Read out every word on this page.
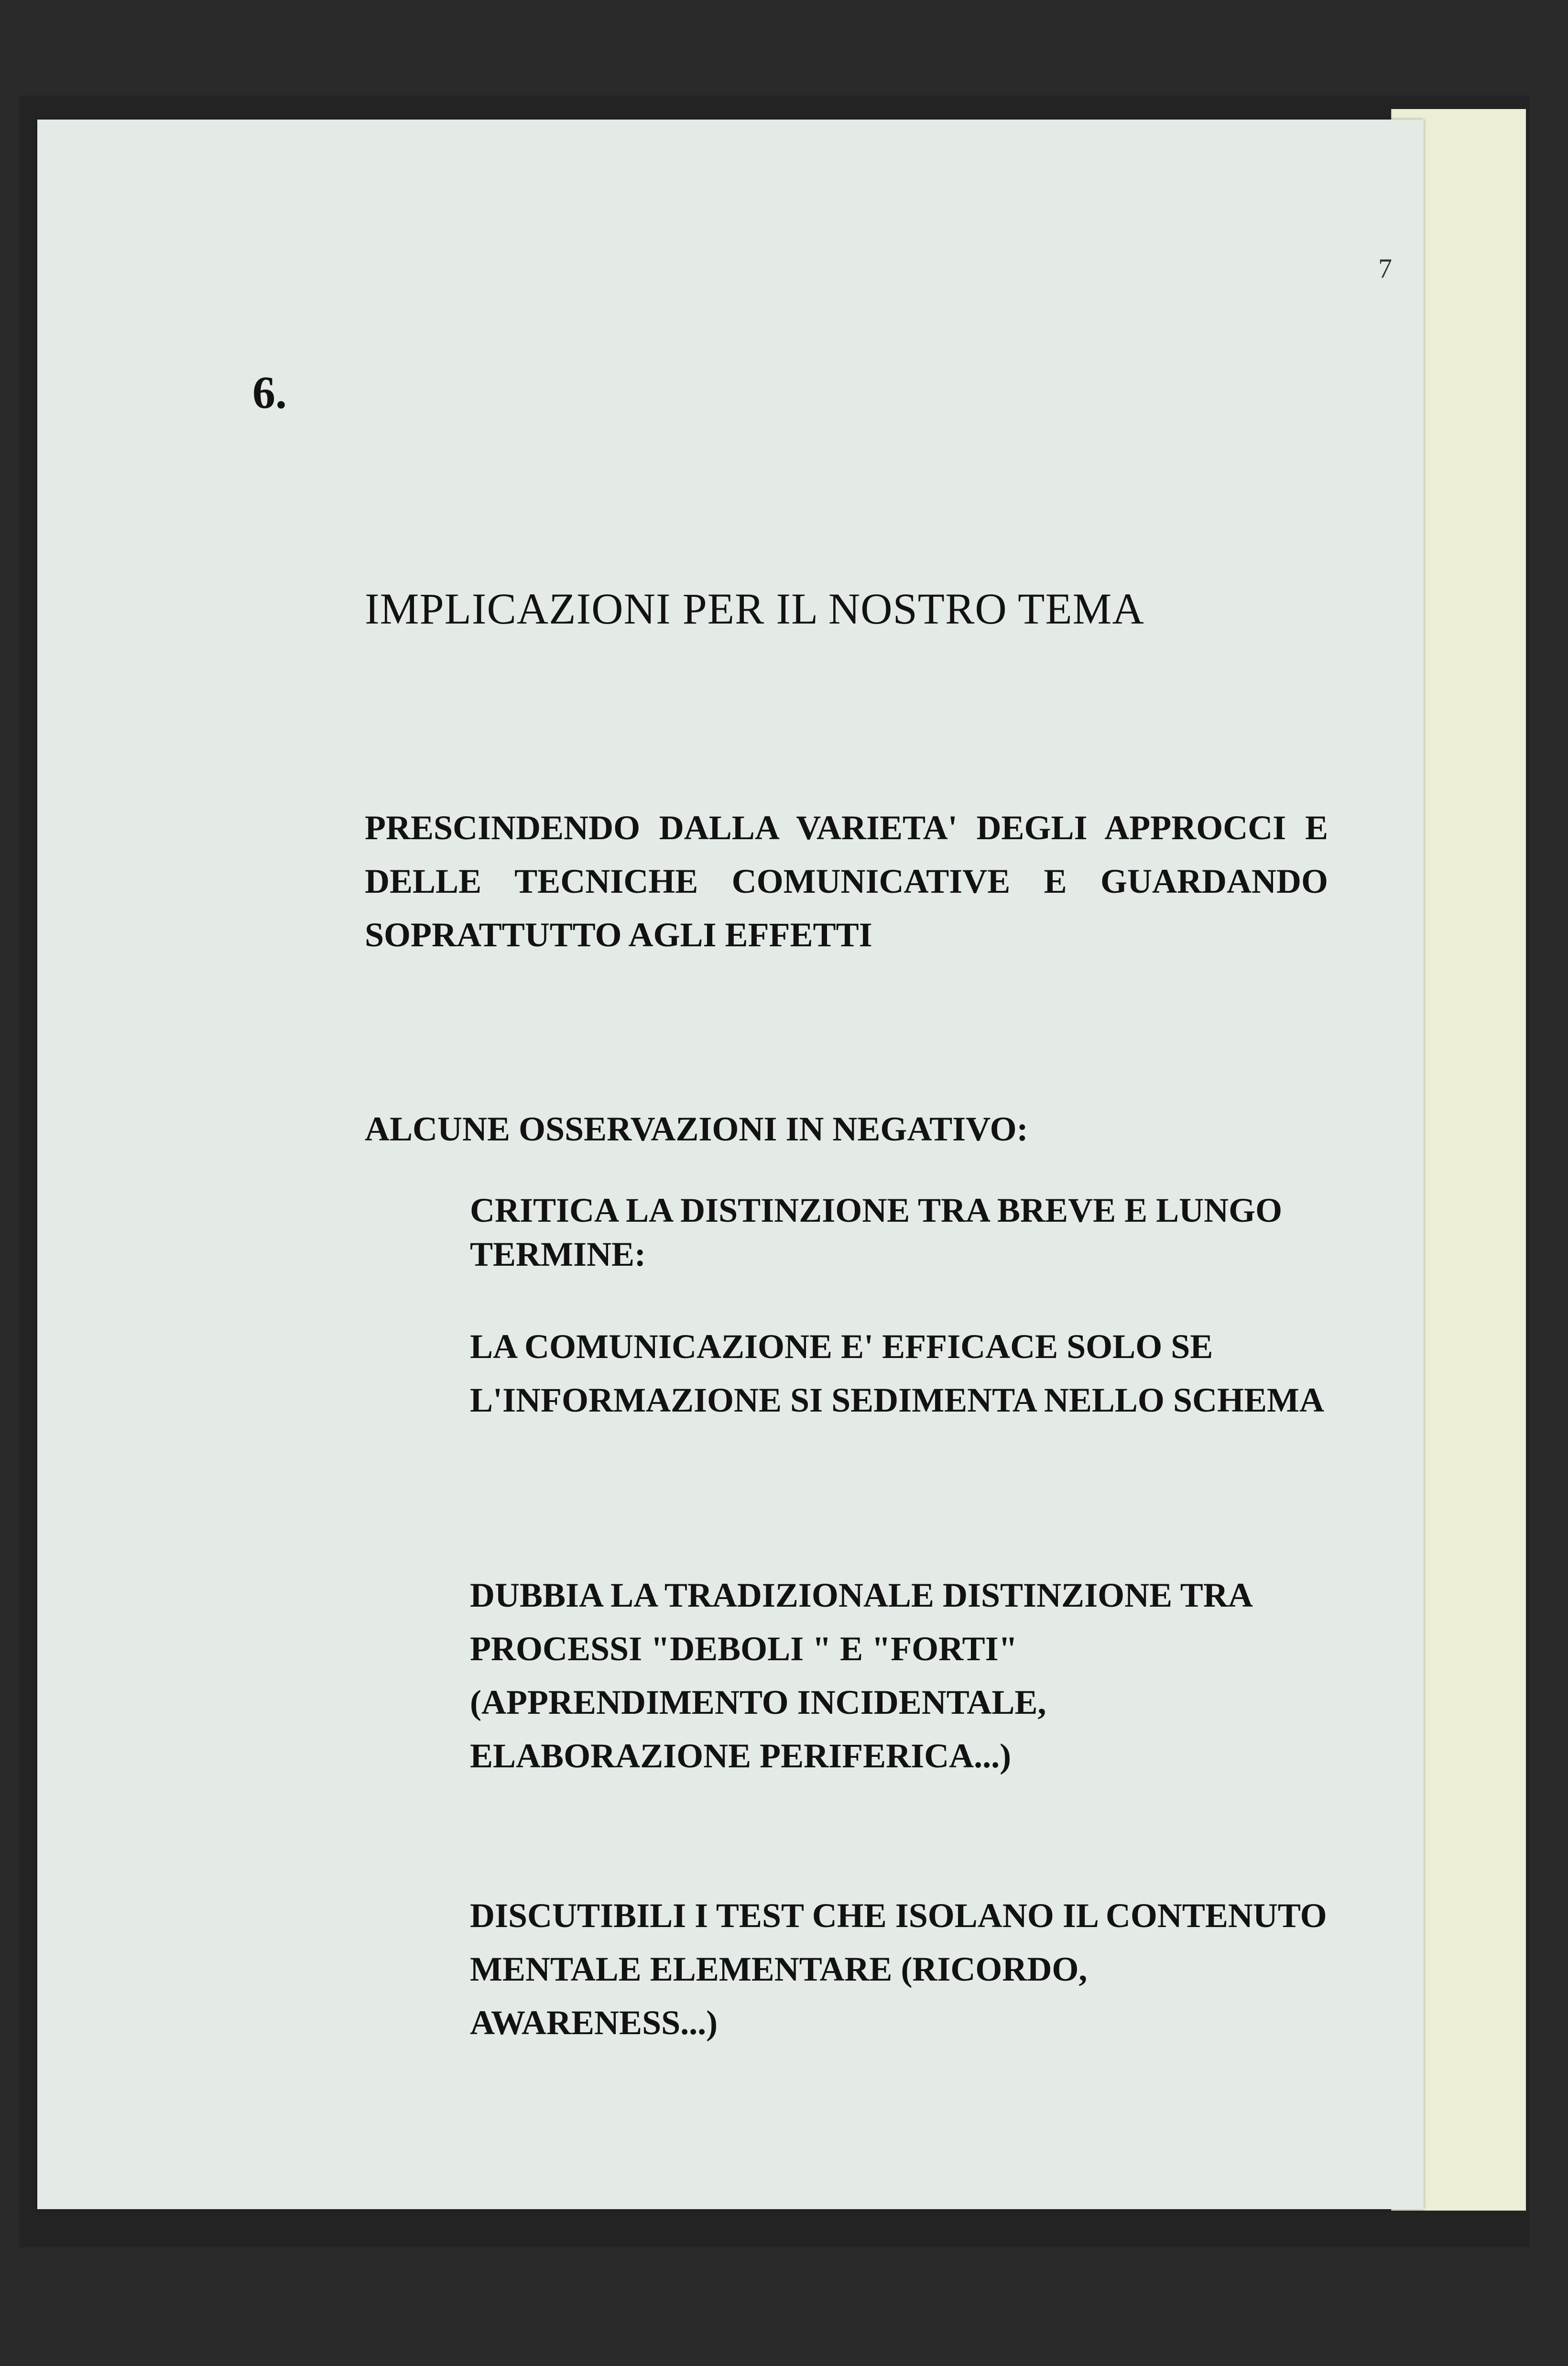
7
6.
IMPLICAZIONI PER IL NOSTRO TEMA
PRESCINDENDO DALLA VARIETA' DEGLI APPROCCI E DELLE TECNICHE COMUNICATIVE E GUARDANDO SOPRATTUTTO AGLI EFFETTI
ALCUNE OSSERVAZIONI IN NEGATIVO:
CRITICA LA DISTINZIONE TRA BREVE E LUNGO TERMINE:
LA COMUNICAZIONE E' EFFICACE SOLO SE L'INFORMAZIONE SI SEDIMENTA NELLO SCHEMA
DUBBIA LA TRADIZIONALE DISTINZIONE TRA PROCESSI "DEBOLI " E "FORTI" (APPRENDIMENTO INCIDENTALE, ELABORAZIONE PERIFERICA...)
DISCUTIBILI I TEST CHE ISOLANO IL CONTENUTO MENTALE ELEMENTARE (RICORDO, AWARENESS...)
